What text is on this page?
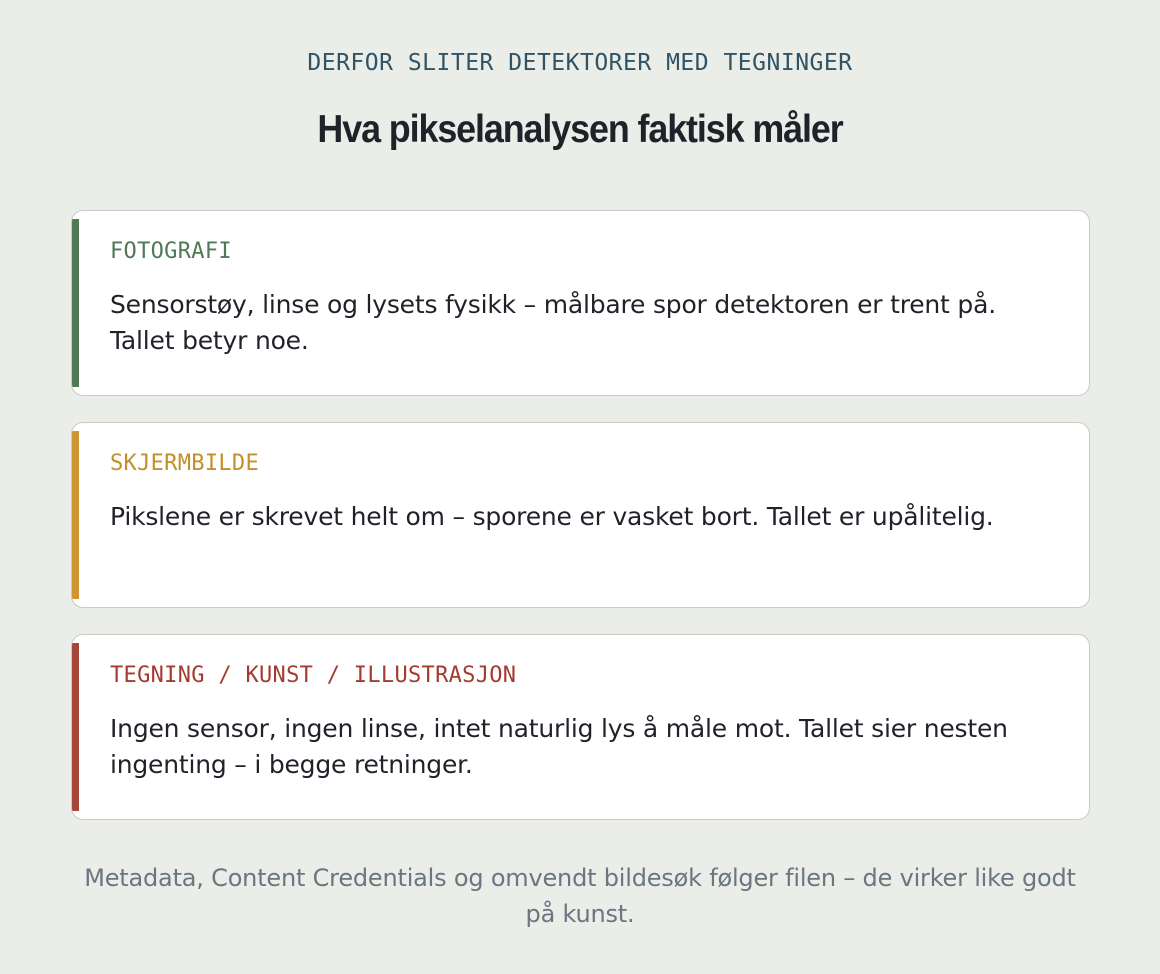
DERFOR SLITER DETEKTORER MED TEGNINGER
Hva pikselanalysen faktisk måler
FOTOGRAFI
Sensorstøy, linse og lysets fysikk – målbare spor detektoren er trent på. Tallet betyr noe.
SKJERMBILDE
Pikslene er skrevet helt om – sporene er vasket bort. Tallet er upålitelig.
TEGNING / KUNST / ILLUSTRASJON
Ingen sensor, ingen linse, intet naturlig lys å måle mot. Tallet sier nesten ingenting – i begge retninger.

Metadata, Content Credentials og omvendt bildesøk følger filen – de virker like godt på kunst.
